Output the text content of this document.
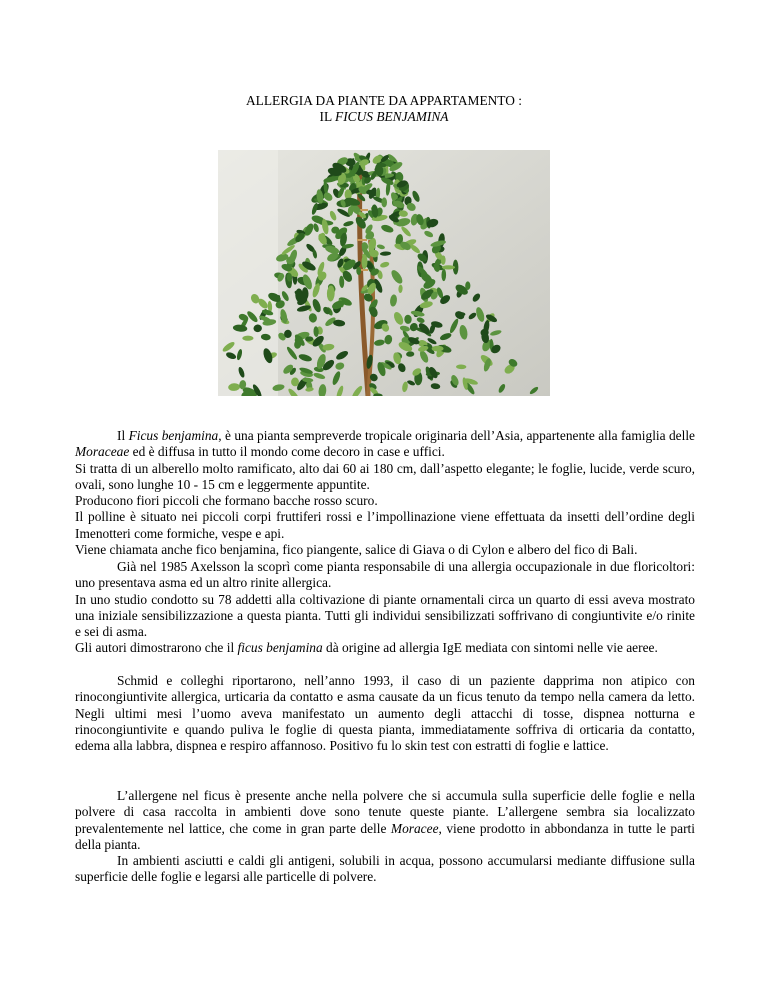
ALLERGIA DA PIANTE DA APPARTAMENTO :
IL FICUS BENJAMINA

Il Ficus benjamina, è una pianta sempreverde tropicale originaria dell’Asia, appartenente alla famiglia delle Moraceae ed è diffusa in tutto il mondo come decoro in case e uffici.

Si tratta di un alberello molto ramificato, alto dai 60 ai 180 cm, dall’aspetto elegante; le foglie, lucide, verde scuro, ovali, sono lunghe 10 - 15 cm e leggermente appuntite.

Producono fiori piccoli che formano bacche rosso scuro.

Il polline è situato nei piccoli corpi fruttiferi rossi e l’impollinazione viene effettuata da insetti dell’ordine degli Imenotteri come formiche, vespe e api.

Viene chiamata anche fico benjamina, fico piangente, salice di Giava o di Cylon e albero del fico di Bali.

Già nel 1985 Axelsson la scoprì come pianta responsabile di una allergia occupazionale in due floricoltori: uno presentava asma ed un altro rinite allergica.

In uno studio condotto su 78 addetti alla coltivazione di piante ornamentali circa un quarto di essi aveva mostrato una iniziale sensibilizzazione a questa pianta. Tutti gli individui sensibilizzati soffrivano di congiuntivite e/o rinite e sei di asma.

Gli autori dimostrarono che il ficus benjamina dà origine ad allergia IgE mediata con sintomi nelle vie aeree.

Schmid e colleghi riportarono, nell’anno 1993, il caso di un paziente dapprima non atipico con rinocongiuntivite allergica, urticaria da contatto e asma causate da un ficus tenuto da tempo nella camera da letto. Negli ultimi mesi l’uomo aveva manifestato un aumento degli attacchi di tosse, dispnea notturna e rinocongiuntivite e quando puliva le foglie di questa pianta, immediatamente soffriva di orticaria da contatto, edema alla labbra, dispnea e respiro affannoso. Positivo fu lo skin test con estratti di foglie e lattice.

L’allergene nel ficus è presente anche nella polvere che si accumula sulla superficie delle foglie e nella polvere di casa raccolta in ambienti dove sono tenute queste piante. L’allergene sembra sia localizzato prevalentemente nel lattice, che come in gran parte delle Moracee, viene prodotto in abbondanza in tutte le parti della pianta.

In ambienti asciutti e caldi gli antigeni, solubili in acqua, possono accumularsi mediante diffusione sulla superficie delle foglie e legarsi alle particelle di polvere.
